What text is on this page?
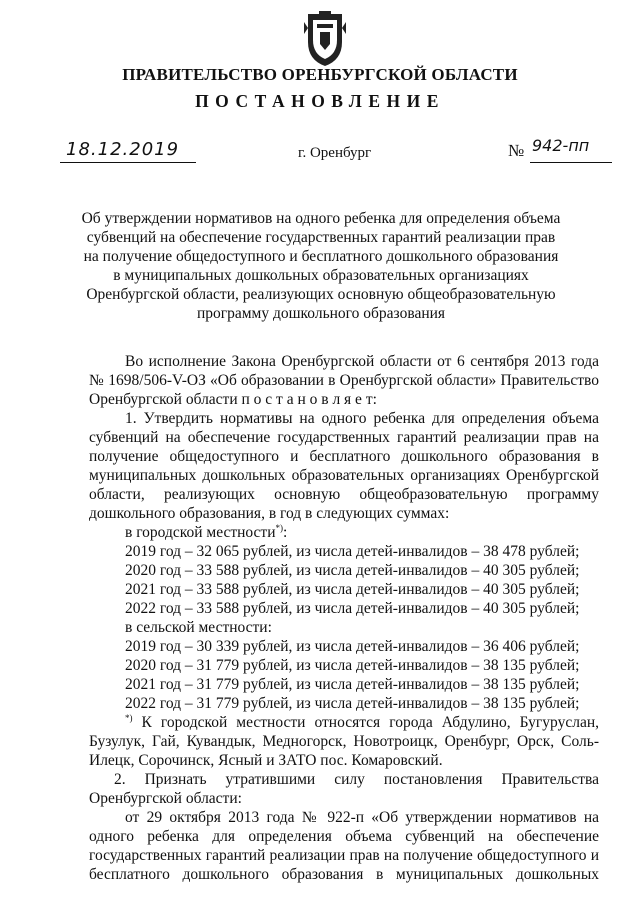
ПРАВИТЕЛЬСТВО ОРЕНБУРГСКОЙ ОБЛАСТИ
ПОСТАНОВЛЕНИЕ
18.12.2019	г. Оренбург	№ 942-пп

Об утверждении нормативов на одного ребенка для определения объема субвенций на обеспечение государственных гарантий реализации прав на получение общедоступного и бесплатного дошкольного образования в муниципальных дошкольных образовательных организациях Оренбургской области, реализующих основную общеобразовательную программу дошкольного образования

Во исполнение Закона Оренбургской области от 6 сентября 2013 года № 1698/506-V-ОЗ «Об образовании в Оренбургской области» Правительство Оренбургской области п о с т а н о в л я е т:

1. Утвердить нормативы на одного ребенка для определения объема субвенций на обеспечение государственных гарантий реализации прав на получение общедоступного и бесплатного дошкольного образования в муниципальных дошкольных образовательных организациях Оренбургской области, реализующих основную общеобразовательную программу дошкольного образования, в год в следующих суммах:

в городской местности*):

2019 год – 32 065 рублей, из числа детей-инвалидов – 38 478 рублей;

2020 год – 33 588 рублей, из числа детей-инвалидов – 40 305 рублей;

2021 год – 33 588 рублей, из числа детей-инвалидов – 40 305 рублей;

2022 год – 33 588 рублей, из числа детей-инвалидов – 40 305 рублей;

в сельской местности:

2019 год – 30 339 рублей, из числа детей-инвалидов – 36 406 рублей;

2020 год – 31 779 рублей, из числа детей-инвалидов – 38 135 рублей;

2021 год – 31 779 рублей, из числа детей-инвалидов – 38 135 рублей;

2022 год – 31 779 рублей, из числа детей-инвалидов – 38 135 рублей;

*) К городской местности относятся города Абдулино, Бугуруслан, Бузулук, Гай, Кувандык, Медногорск, Новотроицк, Оренбург, Орск, Соль-Илецк, Сорочинск, Ясный и ЗАТО пос. Комаровский.

2. Признать утратившими силу постановления Правительства Оренбургской области:

от 29 октября 2013 года № 922-п «Об утверждении нормативов на одного ребенка для определения объема субвенций на обеспечение государственных гарантий реализации прав на получение общедоступного и бесплатного дошкольного образования в муниципальных дошкольных
